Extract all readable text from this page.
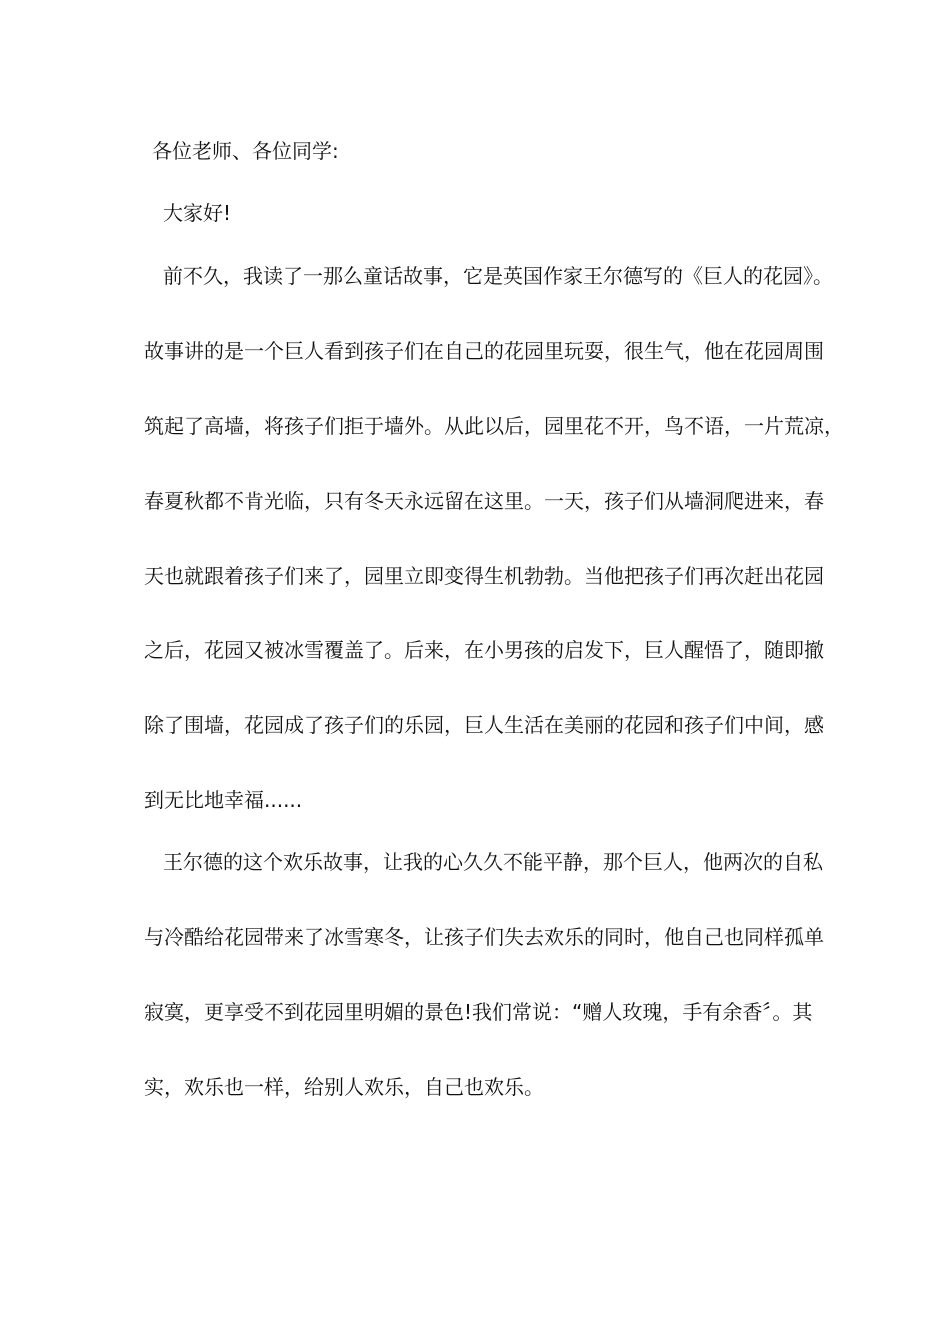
各位老师、各位同学:
大家好!
前不久，我读了一那么童话故事，它是英国作家王尔德写的《巨人的花园》。
故事讲的是一个巨人看到孩子们在自己的花园里玩耍，很生气，他在花园周围
筑起了高墙，将孩子们拒于墙外。从此以后，园里花不开，鸟不语，一片荒凉，
春夏秋都不肯光临，只有冬天永远留在这里。一天，孩子们从墙洞爬进来，春
天也就跟着孩子们来了，园里立即变得生机勃勃。当他把孩子们再次赶出花园
之后，花园又被冰雪覆盖了。后来，在小男孩的启发下，巨人醒悟了，随即撤
除了围墙，花园成了孩子们的乐园，巨人生活在美丽的花园和孩子们中间，感
到无比地幸福......
王尔德的这个欢乐故事，让我的心久久不能平静，那个巨人，他两次的自私
与冷酷给花园带来了冰雪寒冬，让孩子们失去欢乐的同时，他自己也同样孤单
寂寞，更享受不到花园里明媚的景色!我们常说：“赠人玫瑰，手有余香〞。其
实，欢乐也一样，给别人欢乐，自己也欢乐。
